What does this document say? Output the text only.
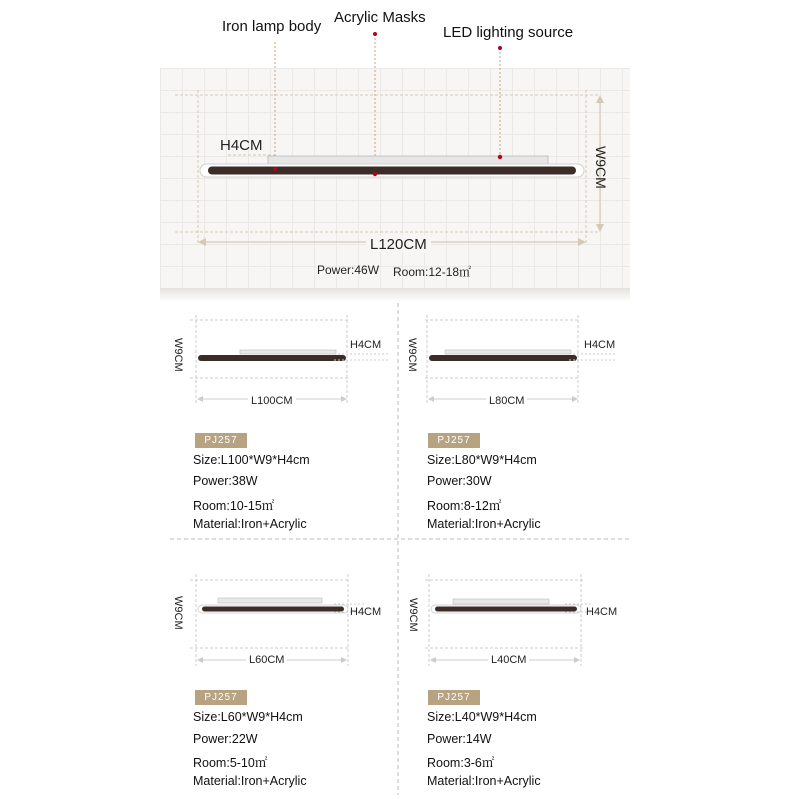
Iron lamp body
Acrylic Masks
LED lighting source
H4CM
W9CM
L120CM
Power:46W Room:12-18㎡
W9CM	H4CM
L100CM
PJ257
Size:L100*W9*H4cm
Power:38W
Room:10-15㎡
Material:Iron+Acrylic
W9CM	H4CM
L80CM
PJ257
Size:L80*W9*H4cm
Power:30W
Room:8-12㎡
Material:Iron+Acrylic
W9CM	H4CM
L60CM
PJ257
Size:L60*W9*H4cm
Power:22W
Room:5-10㎡
Material:Iron+Acrylic
W9CM	H4CM
L40CM
PJ257
Size:L40*W9*H4cm
Power:14W
Room:3-6㎡
Material:Iron+Acrylic
